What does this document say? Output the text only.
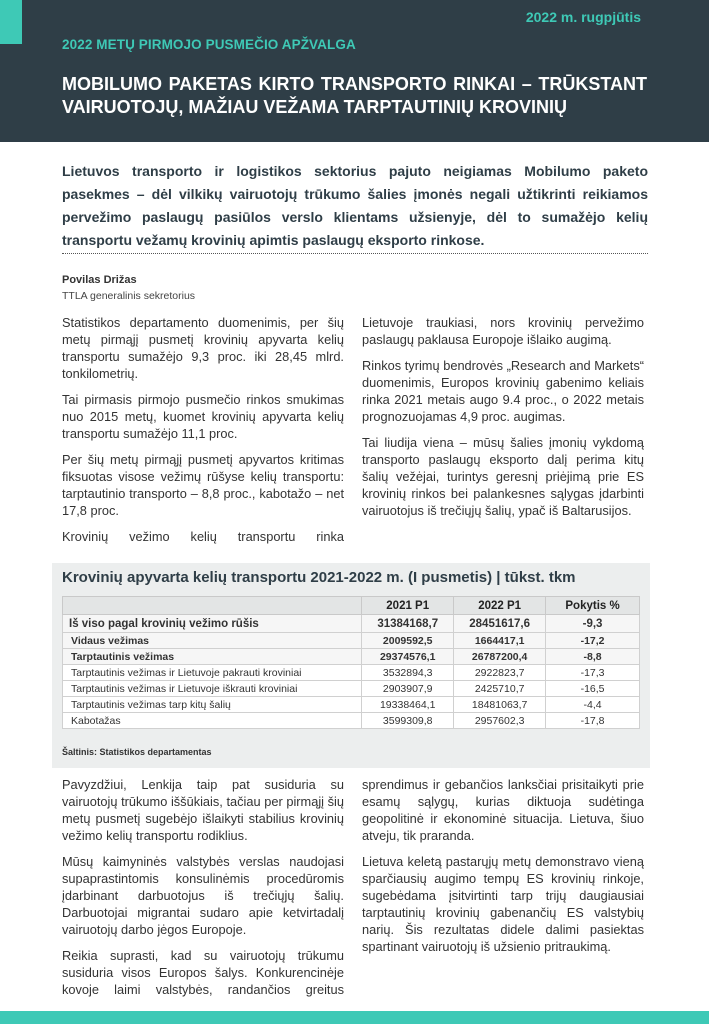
2022 m. rugpjūtis
2022 METŲ PIRMOJO PUSMEČIO APŽVALGA
MOBILUMO PAKETAS KIRTO TRANSPORTO RINKAI – TRŪKSTANT VAIRUOTOJŲ, MAŽIAU VEŽAMA TARPTAUTINIŲ KROVINIŲ
Lietuvos transporto ir logistikos sektorius pajuto neigiamas Mobilumo paketo pasekmes – dėl vilkikų vairuotojų trūkumo šalies įmonės negali užtikrinti reikiamos pervežimo paslaugų pasiūlos verslo klientams užsienyje, dėl to sumažėjo kelių transportu vežamų krovinių apimtis paslaugų eksporto rinkose.
Povilas Drižas
TTLA generalinis sekretorius

Statistikos departamento duomenimis, per šių metų pirmąjį pusmetį krovinių apyvarta kelių transportu sumažėjo 9,3 proc. iki 28,45 mlrd. tonkilometrių.

Tai pirmasis pirmojo pusmečio rinkos smukimas nuo 2015 metų, kuomet krovinių apyvarta kelių transportu sumažėjo 11,1 proc.

Per šių metų pirmąjį pusmetį apyvartos kritimas fiksuotas visose vežimų rūšyse kelių transportu: tarptautinio transporto – 8,8 proc., kabotažo – net 17,8 proc.

Krovinių vežimo kelių transportu rinka

Lietuvoje traukiasi, nors krovinių pervežimo paslaugų paklausa Europoje išlaiko augimą.

Rinkos tyrimų bendrovės „Research and Markets“ duomenimis, Europos krovinių gabenimo keliais rinka 2021 metais augo 9.4 proc., o 2022 metais prognozuojamas 4,9 proc. augimas.

Tai liudija viena – mūsų šalies įmonių vykdomą transporto paslaugų eksporto dalį perima kitų šalių vežėjai, turintys geresnį priėjimą prie ES krovinių rinkos bei palankesnes sąlygas įdarbinti vairuotojus iš trečiųjų šalių, ypač iš Baltarusijos.

Krovinių apyvarta kelių transportu 2021-2022 m. (I pusmetis) | tūkst. tkm
	2021 P1	2022 P1	Pokytis %
Iš viso pagal krovinių vežimo rūšis	31384168,7	28451617,6	-9,3
Vidaus vežimas	2009592,5	1664417,1	-17,2
Tarptautinis vežimas	29374576,1	26787200,4	-8,8
Tarptautinis vežimas ir Lietuvoje pakrauti kroviniai	3532894,3	2922823,7	-17,3
Tarptautinis vežimas ir Lietuvoje iškrauti kroviniai	2903907,9	2425710,7	-16,5
Tarptautinis vežimas tarp kitų šalių	19338464,1	18481063,7	-4,4
Kabotažas	3599309,8	2957602,3	-17,8
Šaltinis: Statistikos departamentas

Pavyzdžiui, Lenkija taip pat susiduria su vairuotojų trūkumo iššūkiais, tačiau per pirmąjį šių metų pusmetį sugebėjo išlaikyti stabilius krovinių vežimo kelių transportu rodiklius.

Mūsų kaimyninės valstybės verslas naudojasi supaprastintomis konsulinėmis procedūromis įdarbinant darbuotojus iš trečiųjų šalių. Darbuotojai migrantai sudaro apie ketvirtadalį vairuotojų darbo jėgos Europoje.

Reikia suprasti, kad su vairuotojų trūkumu susiduria visos Europos šalys. Konkurencinėje kovoje laimi valstybės, randančios greitus

sprendimus ir gebančios lanksčiai prisitaikyti prie esamų sąlygų, kurias diktuoja sudėtinga geopolitinė ir ekonominė situacija. Lietuva, šiuo atveju, tik praranda.

Lietuva keletą pastarųjų metų demonstravo vieną sparčiausių augimo tempų ES krovinių rinkoje, sugebėdama įsitvirtinti tarp trijų daugiausiai tarptautinių krovinių gabenančių ES valstybių narių. Šis rezultatas didele dalimi pasiektas spartinant vairuotojų iš užsienio pritraukimą.
